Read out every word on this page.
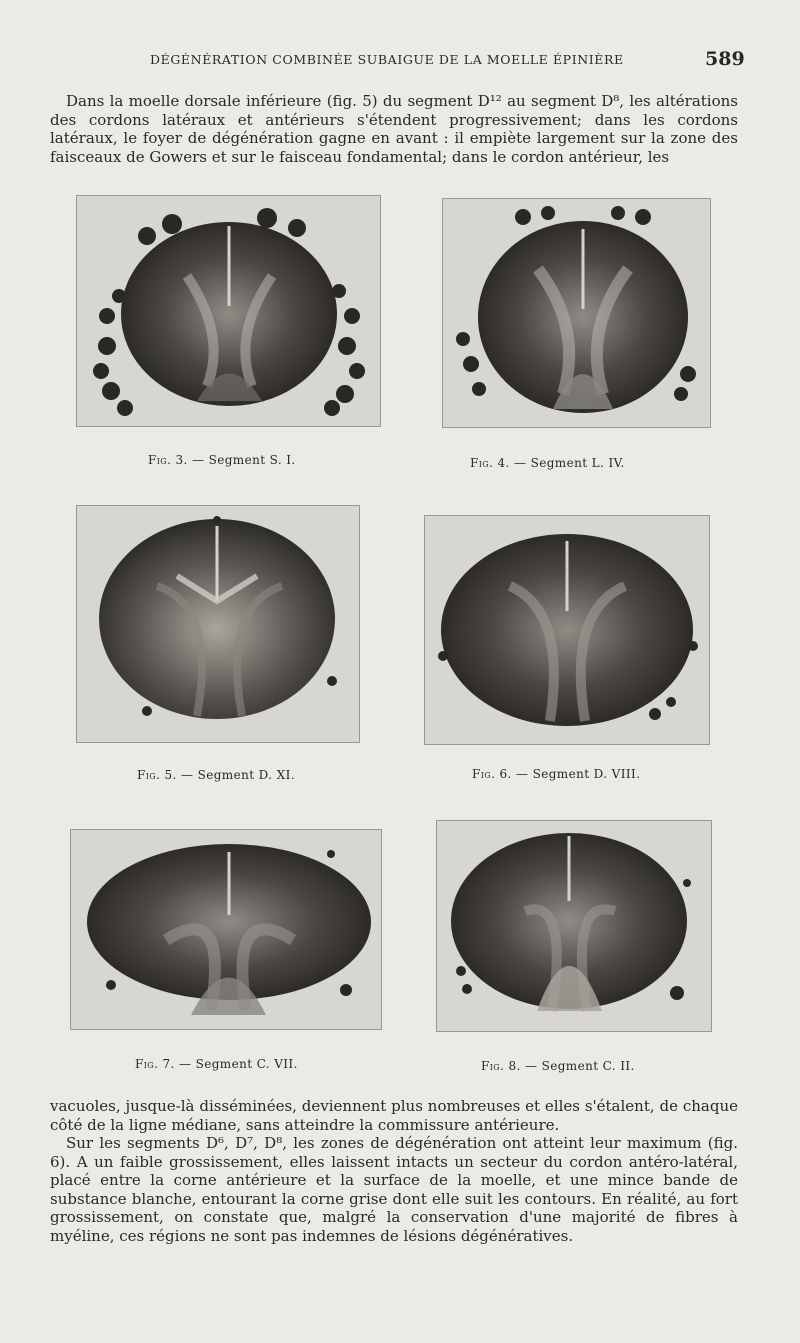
DÉGÉNÉRATION COMBINÉE SUBAIGUE DE LA MOELLE ÉPINIÈRE	589

Dans la moelle dorsale inférieure (fig. 5) du segment D¹² au segment D⁸, les altérations des cordons latéraux et antérieurs s'étendent progressivement; dans les cordons latéraux, le foyer de dégénération gagne en avant : il empiète largement sur la zone des faisceaux de Gowers et sur le faisceau fondamental; dans le cordon antérieur, les

Fig. 3. — Segment S. I.	Fig. 4. — Segment L. IV.
Fig. 5. — Segment D. XI.	Fig. 6. — Segment D. VIII.
Fig. 7. — Segment C. VII.	Fig. 8. — Segment C. II.

vacuoles, jusque-là disséminées, deviennent plus nombreuses et elles s'étalent, de chaque côté de la ligne médiane, sans atteindre la commissure antérieure.

Sur les segments D⁶, D⁷, D⁸, les zones de dégénération ont atteint leur maximum (fig. 6). A un faible grossissement, elles laissent intacts un secteur du cordon antéro-latéral, placé entre la corne antérieure et la surface de la moelle, et une mince bande de substance blanche, entourant la corne grise dont elle suit les contours. En réalité, au fort grossissement, on constate que, malgré la conservation d'une majorité de fibres à myéline, ces régions ne sont pas indemnes de lésions dégénératives.
